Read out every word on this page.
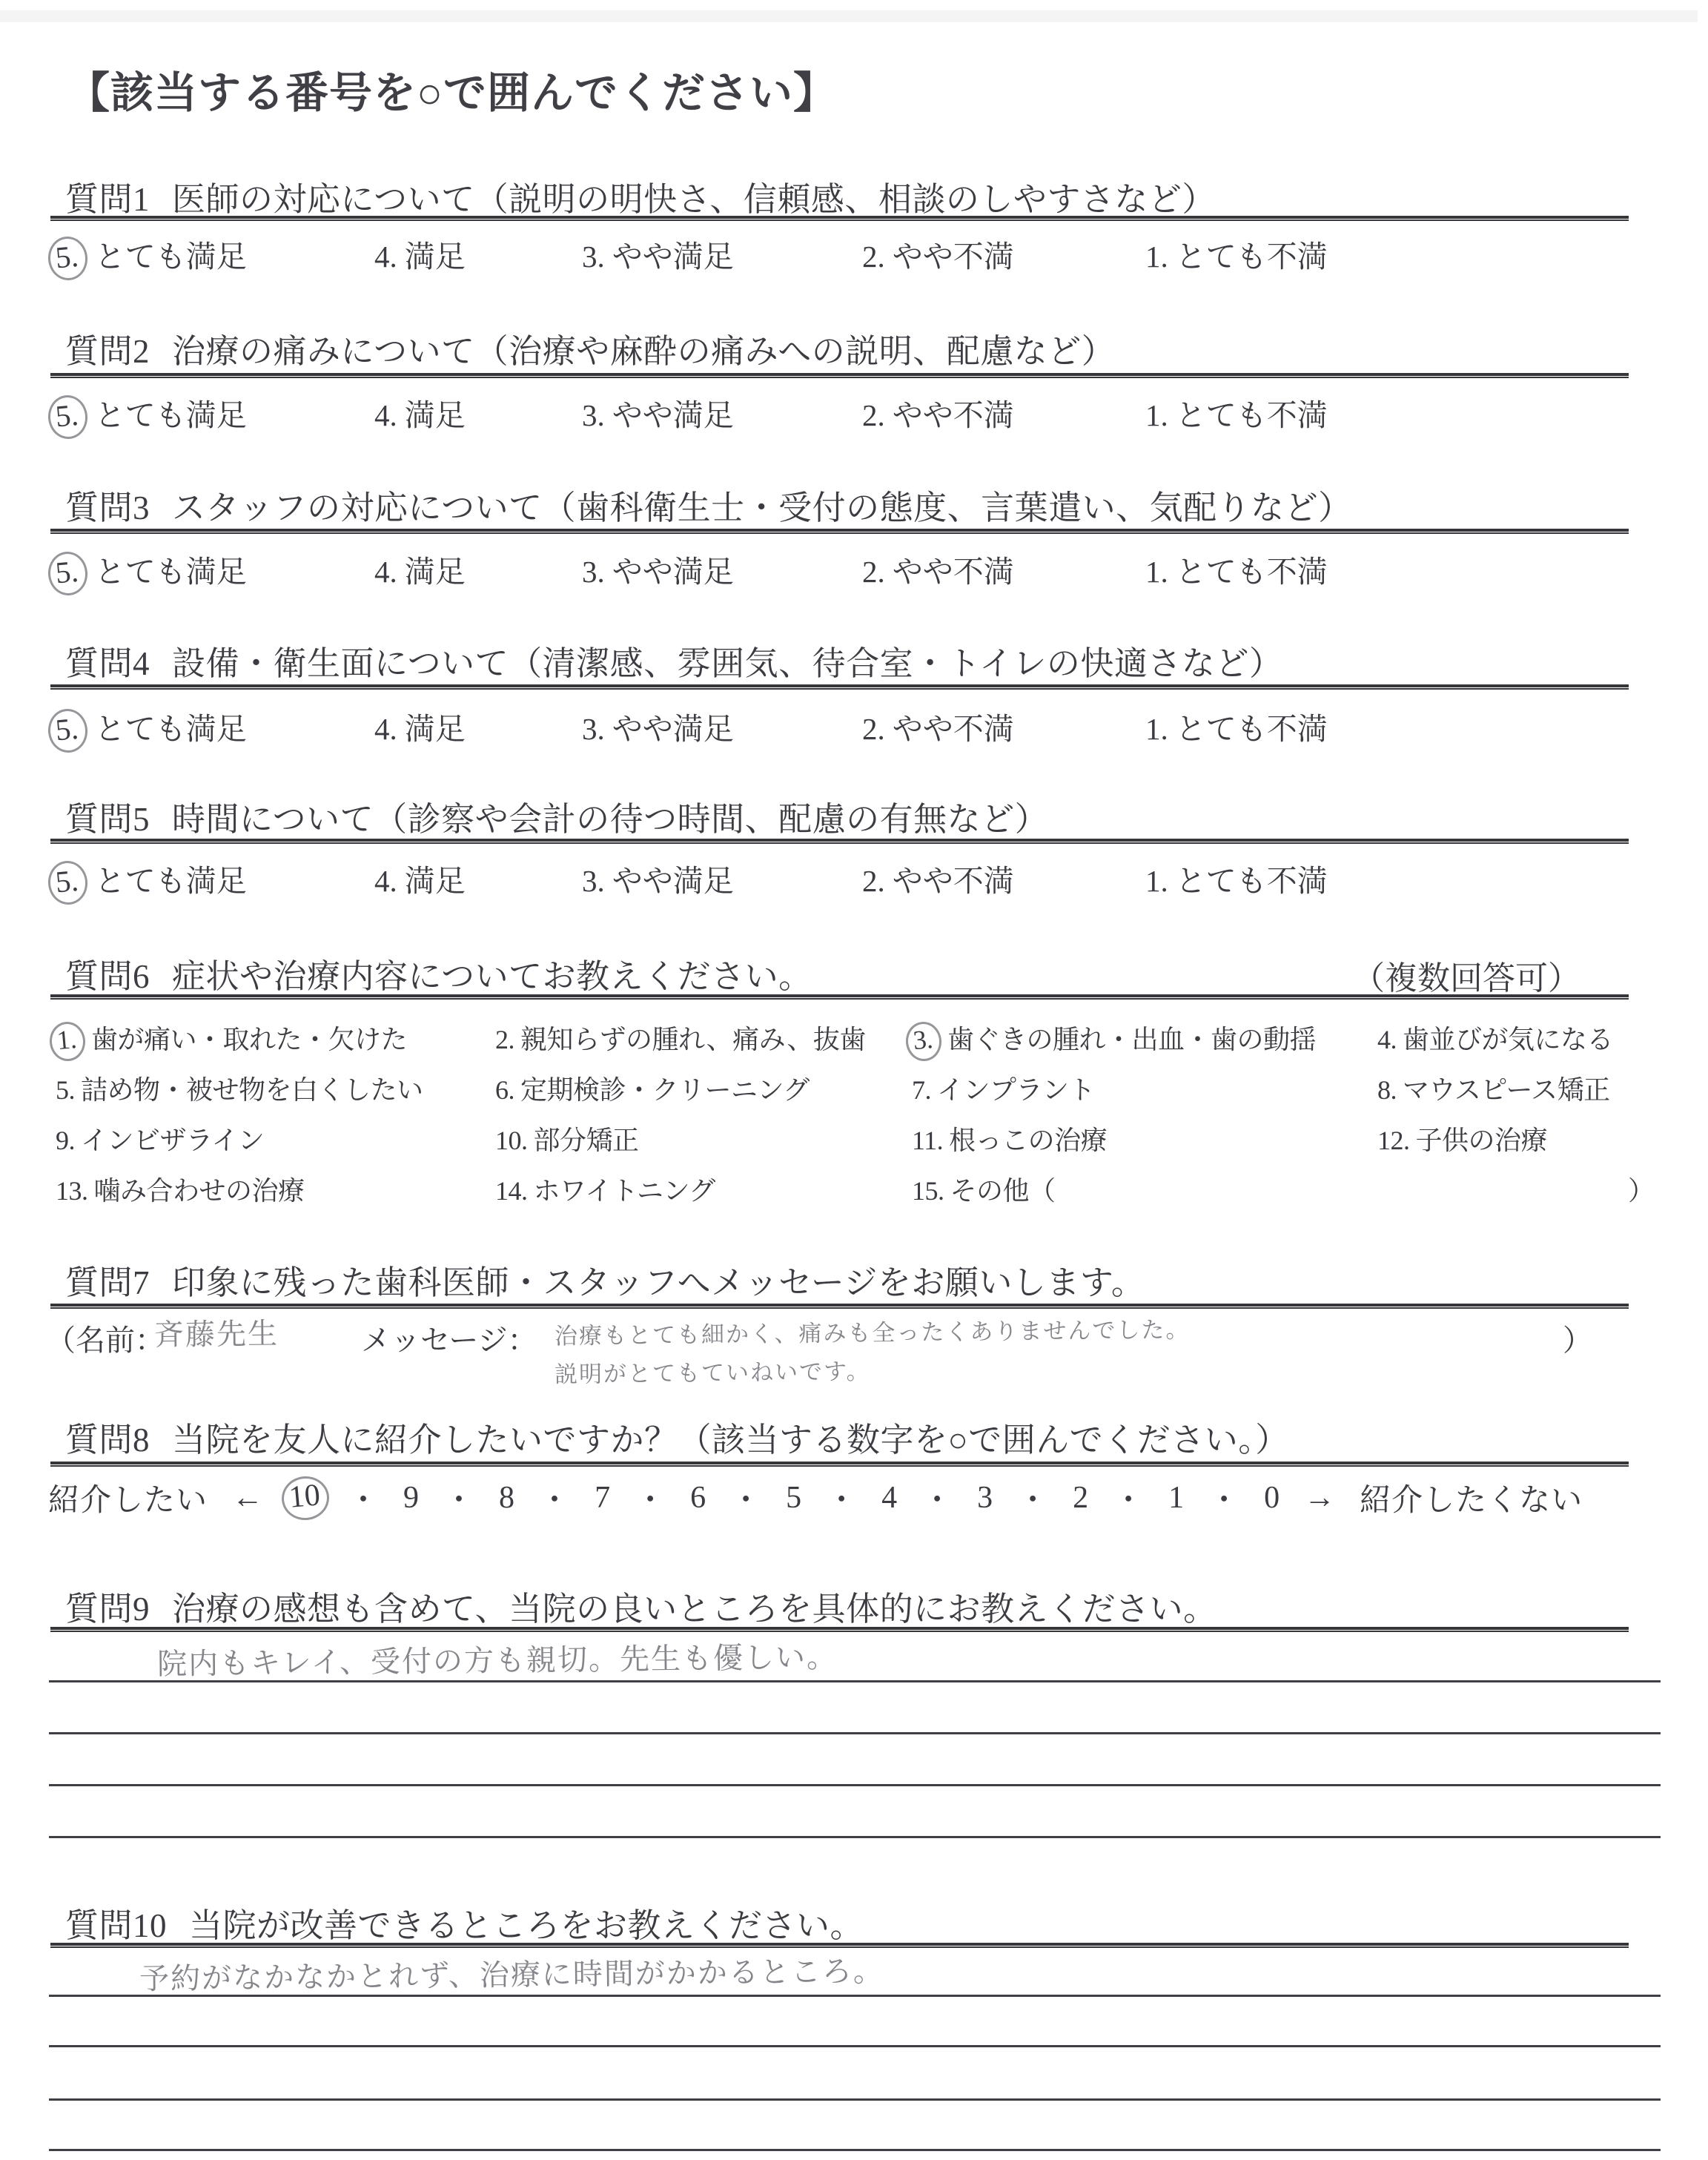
【該当する番号を○で囲んでください】
質問1 医師の対応について（説明の明快さ、信頼感、相談のしやすさなど）
5. とても満足	4. 満足	3. やや満足	2. やや不満	1. とても不満
質問2 治療の痛みについて（治療や麻酔の痛みへの説明、配慮など）
5. とても満足	4. 満足	3. やや満足	2. やや不満	1. とても不満
質問3 スタッフの対応について（歯科衛生士・受付の態度、言葉遣い、気配りなど）
5. とても満足	4. 満足	3. やや満足	2. やや不満	1. とても不満
質問4 設備・衛生面について（清潔感、雰囲気、待合室・トイレの快適さなど）
5. とても満足	4. 満足	3. やや満足	2. やや不満	1. とても不満
質問5 時間について（診察や会計の待つ時間、配慮の有無など）
5. とても満足	4. 満足	3. やや満足	2. やや不満	1. とても不満
質問6 症状や治療内容についてお教えください。	（複数回答可）
1. 歯が痛い・取れた・欠けた	2. 親知らずの腫れ、痛み、抜歯 3. 歯ぐきの腫れ・出血・歯の動揺 4. 歯並びが気になる
5. 詰め物・被せ物を白くしたい	6. 定期検診・クリーニング	7. インプラント	8. マウスピース矯正
9. インビザライン	10. 部分矯正	11. 根っこの治療	12. 子供の治療
13. 噛み合わせの治療	14. ホワイトニング	15. その他（	）
質問7 印象に残った歯科医師・スタッフへメッセージをお願いします。
（名前：
斉藤先生	メッセージ： 治療もとても細かく、痛みも全ったくありませんでした。	）
説明がとてもていねいです。
質問8 当院を友人に紹介したいですか？（該当する数字を○で囲んでください。）
紹介したい ← 10 ・ 9 ・ 8 ・ 7 ・ 6 ・ 5 ・ 4 ・ 3 ・ 2 ・ 1 ・ 0 → 紹介したくない
質問9 治療の感想も含めて、当院の良いところを具体的にお教えください。
院内もキレイ、受付の方も親切。先生も優しい。
質問10 当院が改善できるところをお教えください。
予約がなかなかとれず、治療に時間がかかるところ。
